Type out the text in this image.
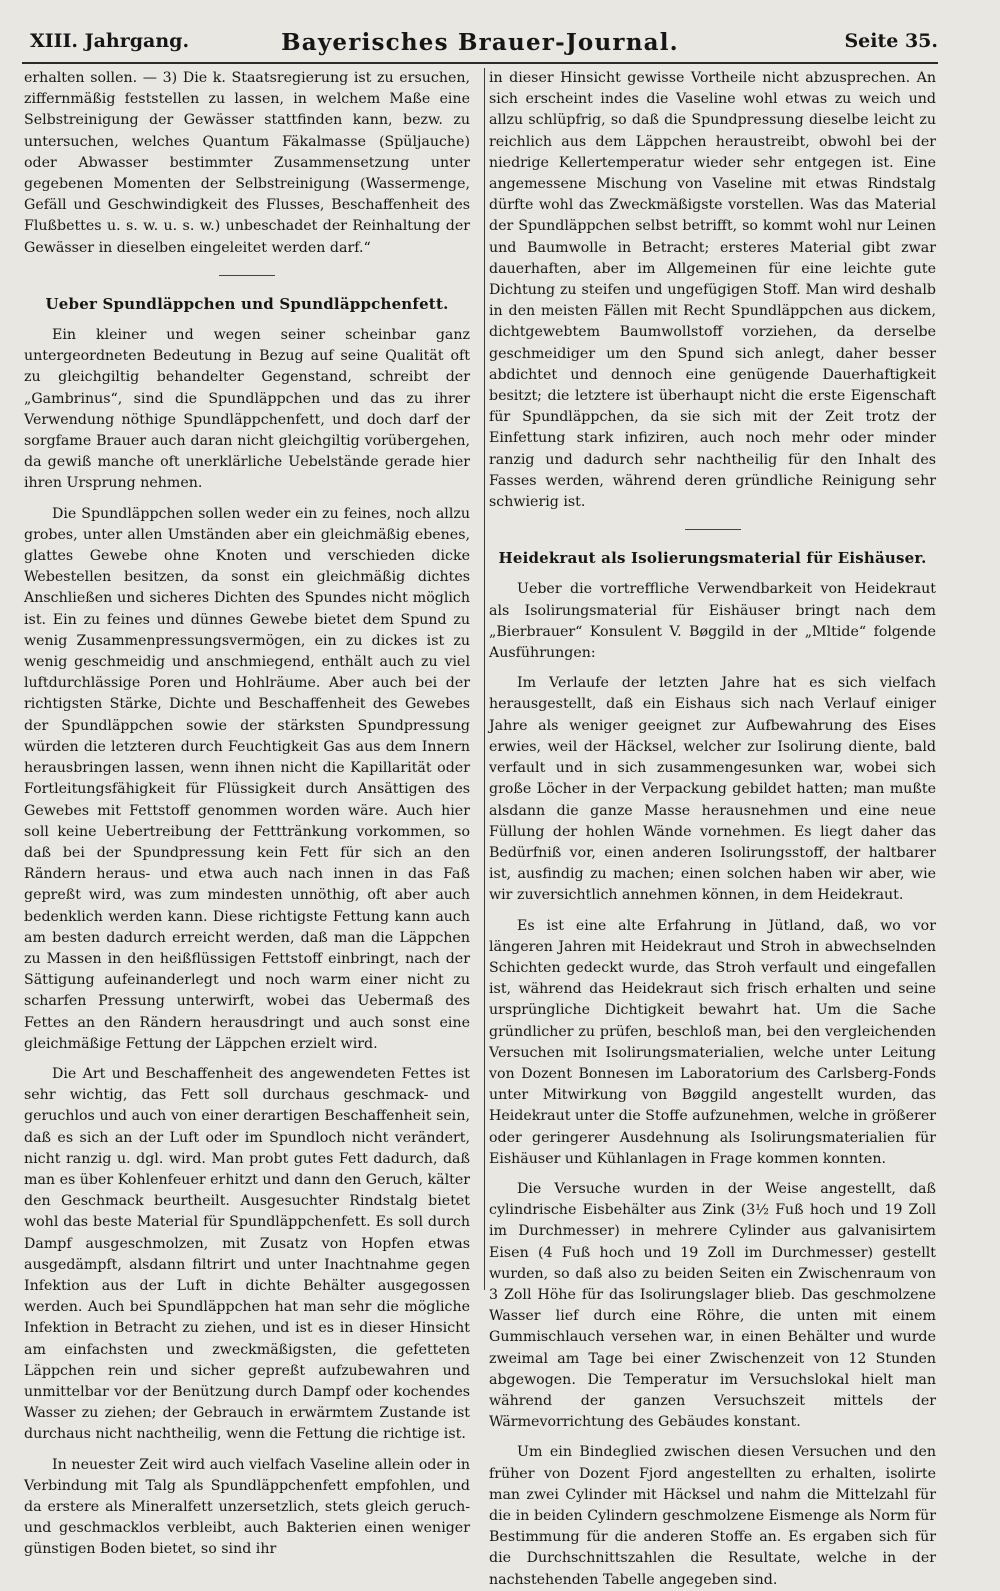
XIII. Jahrgang.	Bayerisches Brauer-Journal.	Seite 35.

erhalten sollen. — 3) Die k. Staatsregierung ist zu ersuchen, ziffernmäßig feststellen zu lassen, in welchem Maße eine Selbstreinigung der Gewässer stattfinden kann, bezw. zu untersuchen, welches Quantum Fäkalmasse (Spüljauche) oder Abwasser bestimmter Zusammensetzung unter gegebenen Momenten der Selbstreinigung (Wassermenge, Gefäll und Geschwindigkeit des Flusses, Beschaffenheit des Flußbettes u. s. w. u. s. w.) unbeschadet der Reinhaltung der Gewässer in dieselben eingeleitet werden darf.“

Ueber Spundläppchen und Spundläppchenfett.

Ein kleiner und wegen seiner scheinbar ganz untergeordneten Bedeutung in Bezug auf seine Qualität oft zu gleichgiltig behandelter Gegenstand, schreibt der „Gambrinus“, sind die Spundläppchen und das zu ihrer Verwendung nöthige Spundläppchenfett, und doch darf der sorgfame Brauer auch daran nicht gleichgiltig vorübergehen, da gewiß manche oft unerklärliche Uebelstände gerade hier ihren Ursprung nehmen.

Die Spundläppchen sollen weder ein zu feines, noch allzu grobes, unter allen Umständen aber ein gleichmäßig ebenes, glattes Gewebe ohne Knoten und verschieden dicke Webestellen besitzen, da sonst ein gleichmäßig dichtes Anschließen und sicheres Dichten des Spundes nicht möglich ist. Ein zu feines und dünnes Gewebe bietet dem Spund zu wenig Zusammenpressungsvermögen, ein zu dickes ist zu wenig geschmeidig und anschmiegend, enthält auch zu viel luftdurchlässige Poren und Hohlräume. Aber auch bei der richtigsten Stärke, Dichte und Beschaffenheit des Gewebes der Spundläppchen sowie der stärksten Spundpressung würden die letzteren durch Feuchtigkeit Gas aus dem Innern herausbringen lassen, wenn ihnen nicht die Kapillarität oder Fortleitungsfähigkeit für Flüssigkeit durch Ansättigen des Gewebes mit Fettstoff genommen worden wäre. Auch hier soll keine Uebertreibung der Fetttränkung vorkommen, so daß bei der Spundpressung kein Fett für sich an den Rändern heraus- und etwa auch nach innen in das Faß gepreßt wird, was zum mindesten unnöthig, oft aber auch bedenklich werden kann. Diese richtigste Fettung kann auch am besten dadurch erreicht werden, daß man die Läppchen zu Massen in den heißflüssigen Fettstoff einbringt, nach der Sättigung aufeinanderlegt und noch warm einer nicht zu scharfen Pressung unterwirft, wobei das Uebermaß des Fettes an den Rändern herausdringt und auch sonst eine gleichmäßige Fettung der Läppchen erzielt wird.

Die Art und Beschaffenheit des angewendeten Fettes ist sehr wichtig, das Fett soll durchaus geschmack- und geruchlos und auch von einer derartigen Beschaffenheit sein, daß es sich an der Luft oder im Spundloch nicht verändert, nicht ranzig u. dgl. wird. Man probt gutes Fett dadurch, daß man es über Kohlenfeuer erhitzt und dann den Geruch, kälter den Geschmack beurtheilt. Ausgesuchter Rindstalg bietet wohl das beste Material für Spundläppchenfett. Es soll durch Dampf ausgeschmolzen, mit Zusatz von Hopfen etwas ausgedämpft, alsdann filtrirt und unter Inachtnahme gegen Infektion aus der Luft in dichte Behälter ausgegossen werden. Auch bei Spundläppchen hat man sehr die mögliche Infektion in Betracht zu ziehen, und ist es in dieser Hinsicht am einfachsten und zweckmäßigsten, die gefetteten Läppchen rein und sicher gepreßt aufzubewahren und unmittelbar vor der Benützung durch Dampf oder kochendes Wasser zu ziehen; der Gebrauch in erwärmtem Zustande ist durchaus nicht nachtheilig, wenn die Fettung die richtige ist.

In neuester Zeit wird auch vielfach Vaseline allein oder in Verbindung mit Talg als Spundläppchenfett empfohlen, und da erstere als Mineralfett unzersetzlich, stets gleich geruch- und geschmacklos verbleibt, auch Bakterien einen weniger günstigen Boden bietet, so sind ihr

in dieser Hinsicht gewisse Vortheile nicht abzusprechen. An sich erscheint indes die Vaseline wohl etwas zu weich und allzu schlüpfrig, so daß die Spundpressung dieselbe leicht zu reichlich aus dem Läppchen heraustreibt, obwohl bei der niedrige Kellertemperatur wieder sehr entgegen ist. Eine angemessene Mischung von Vaseline mit etwas Rindstalg dürfte wohl das Zweckmäßigste vorstellen. Was das Material der Spundläppchen selbst betrifft, so kommt wohl nur Leinen und Baumwolle in Betracht; ersteres Material gibt zwar dauerhaften, aber im Allgemeinen für eine leichte gute Dichtung zu steifen und ungefügigen Stoff. Man wird deshalb in den meisten Fällen mit Recht Spundläppchen aus dickem, dichtgewebtem Baumwollstoff vorziehen, da derselbe geschmeidiger um den Spund sich anlegt, daher besser abdichtet und dennoch eine genügende Dauerhaftigkeit besitzt; die letztere ist überhaupt nicht die erste Eigenschaft für Spundläppchen, da sie sich mit der Zeit trotz der Einfettung stark infiziren, auch noch mehr oder minder ranzig und dadurch sehr nachtheilig für den Inhalt des Fasses werden, während deren gründliche Reinigung sehr schwierig ist.

Heidekraut als Isolierungsmaterial für Eishäuser.

Ueber die vortreffliche Verwendbarkeit von Heidekraut als Isolirungsmaterial für Eishäuser bringt nach dem „Bierbrauer“ Konsulent V. Bøggild in der „Mltide“ folgende Ausführungen:

Im Verlaufe der letzten Jahre hat es sich vielfach herausgestellt, daß ein Eishaus sich nach Verlauf einiger Jahre als weniger geeignet zur Aufbewahrung des Eises erwies, weil der Häcksel, welcher zur Isolirung diente, bald verfault und in sich zusammengesunken war, wobei sich große Löcher in der Verpackung gebildet hatten; man mußte alsdann die ganze Masse herausnehmen und eine neue Füllung der hohlen Wände vornehmen. Es liegt daher das Bedürfniß vor, einen anderen Isolirungsstoff, der haltbarer ist, ausfindig zu machen; einen solchen haben wir aber, wie wir zuversichtlich annehmen können, in dem Heidekraut.

Es ist eine alte Erfahrung in Jütland, daß, wo vor längeren Jahren mit Heidekraut und Stroh in abwechselnden Schichten gedeckt wurde, das Stroh verfault und eingefallen ist, während das Heidekraut sich frisch erhalten und seine ursprüngliche Dichtigkeit bewahrt hat. Um die Sache gründlicher zu prüfen, beschloß man, bei den vergleichenden Versuchen mit Isolirungsmaterialien, welche unter Leitung von Dozent Bonnesen im Laboratorium des Carlsberg-Fonds unter Mitwirkung von Bøggild angestellt wurden, das Heidekraut unter die Stoffe aufzunehmen, welche in größerer oder geringerer Ausdehnung als Isolirungsmaterialien für Eishäuser und Kühlanlagen in Frage kommen konnten.

Die Versuche wurden in der Weise angestellt, daß cylindrische Eisbehälter aus Zink (3½ Fuß hoch und 19 Zoll im Durchmesser) in mehrere Cylinder aus galvanisirtem Eisen (4 Fuß hoch und 19 Zoll im Durchmesser) gestellt wurden, so daß also zu beiden Seiten ein Zwischenraum von 3 Zoll Höhe für das Isolirungslager blieb. Das geschmolzene Wasser lief durch eine Röhre, die unten mit einem Gummischlauch versehen war, in einen Behälter und wurde zweimal am Tage bei einer Zwischenzeit von 12 Stunden abgewogen. Die Temperatur im Versuchslokal hielt man während der ganzen Versuchszeit mittels der Wärmevorrichtung des Gebäudes konstant.

Um ein Bindeglied zwischen diesen Versuchen und den früher von Dozent Fjord angestellten zu erhalten, isolirte man zwei Cylinder mit Häcksel und nahm die Mittelzahl für die in beiden Cylindern geschmolzene Eismenge als Norm für Bestimmung für die anderen Stoffe an. Es ergaben sich für die Durchschnittszahlen die Resultate, welche in der nachstehenden Tabelle angegeben sind.
